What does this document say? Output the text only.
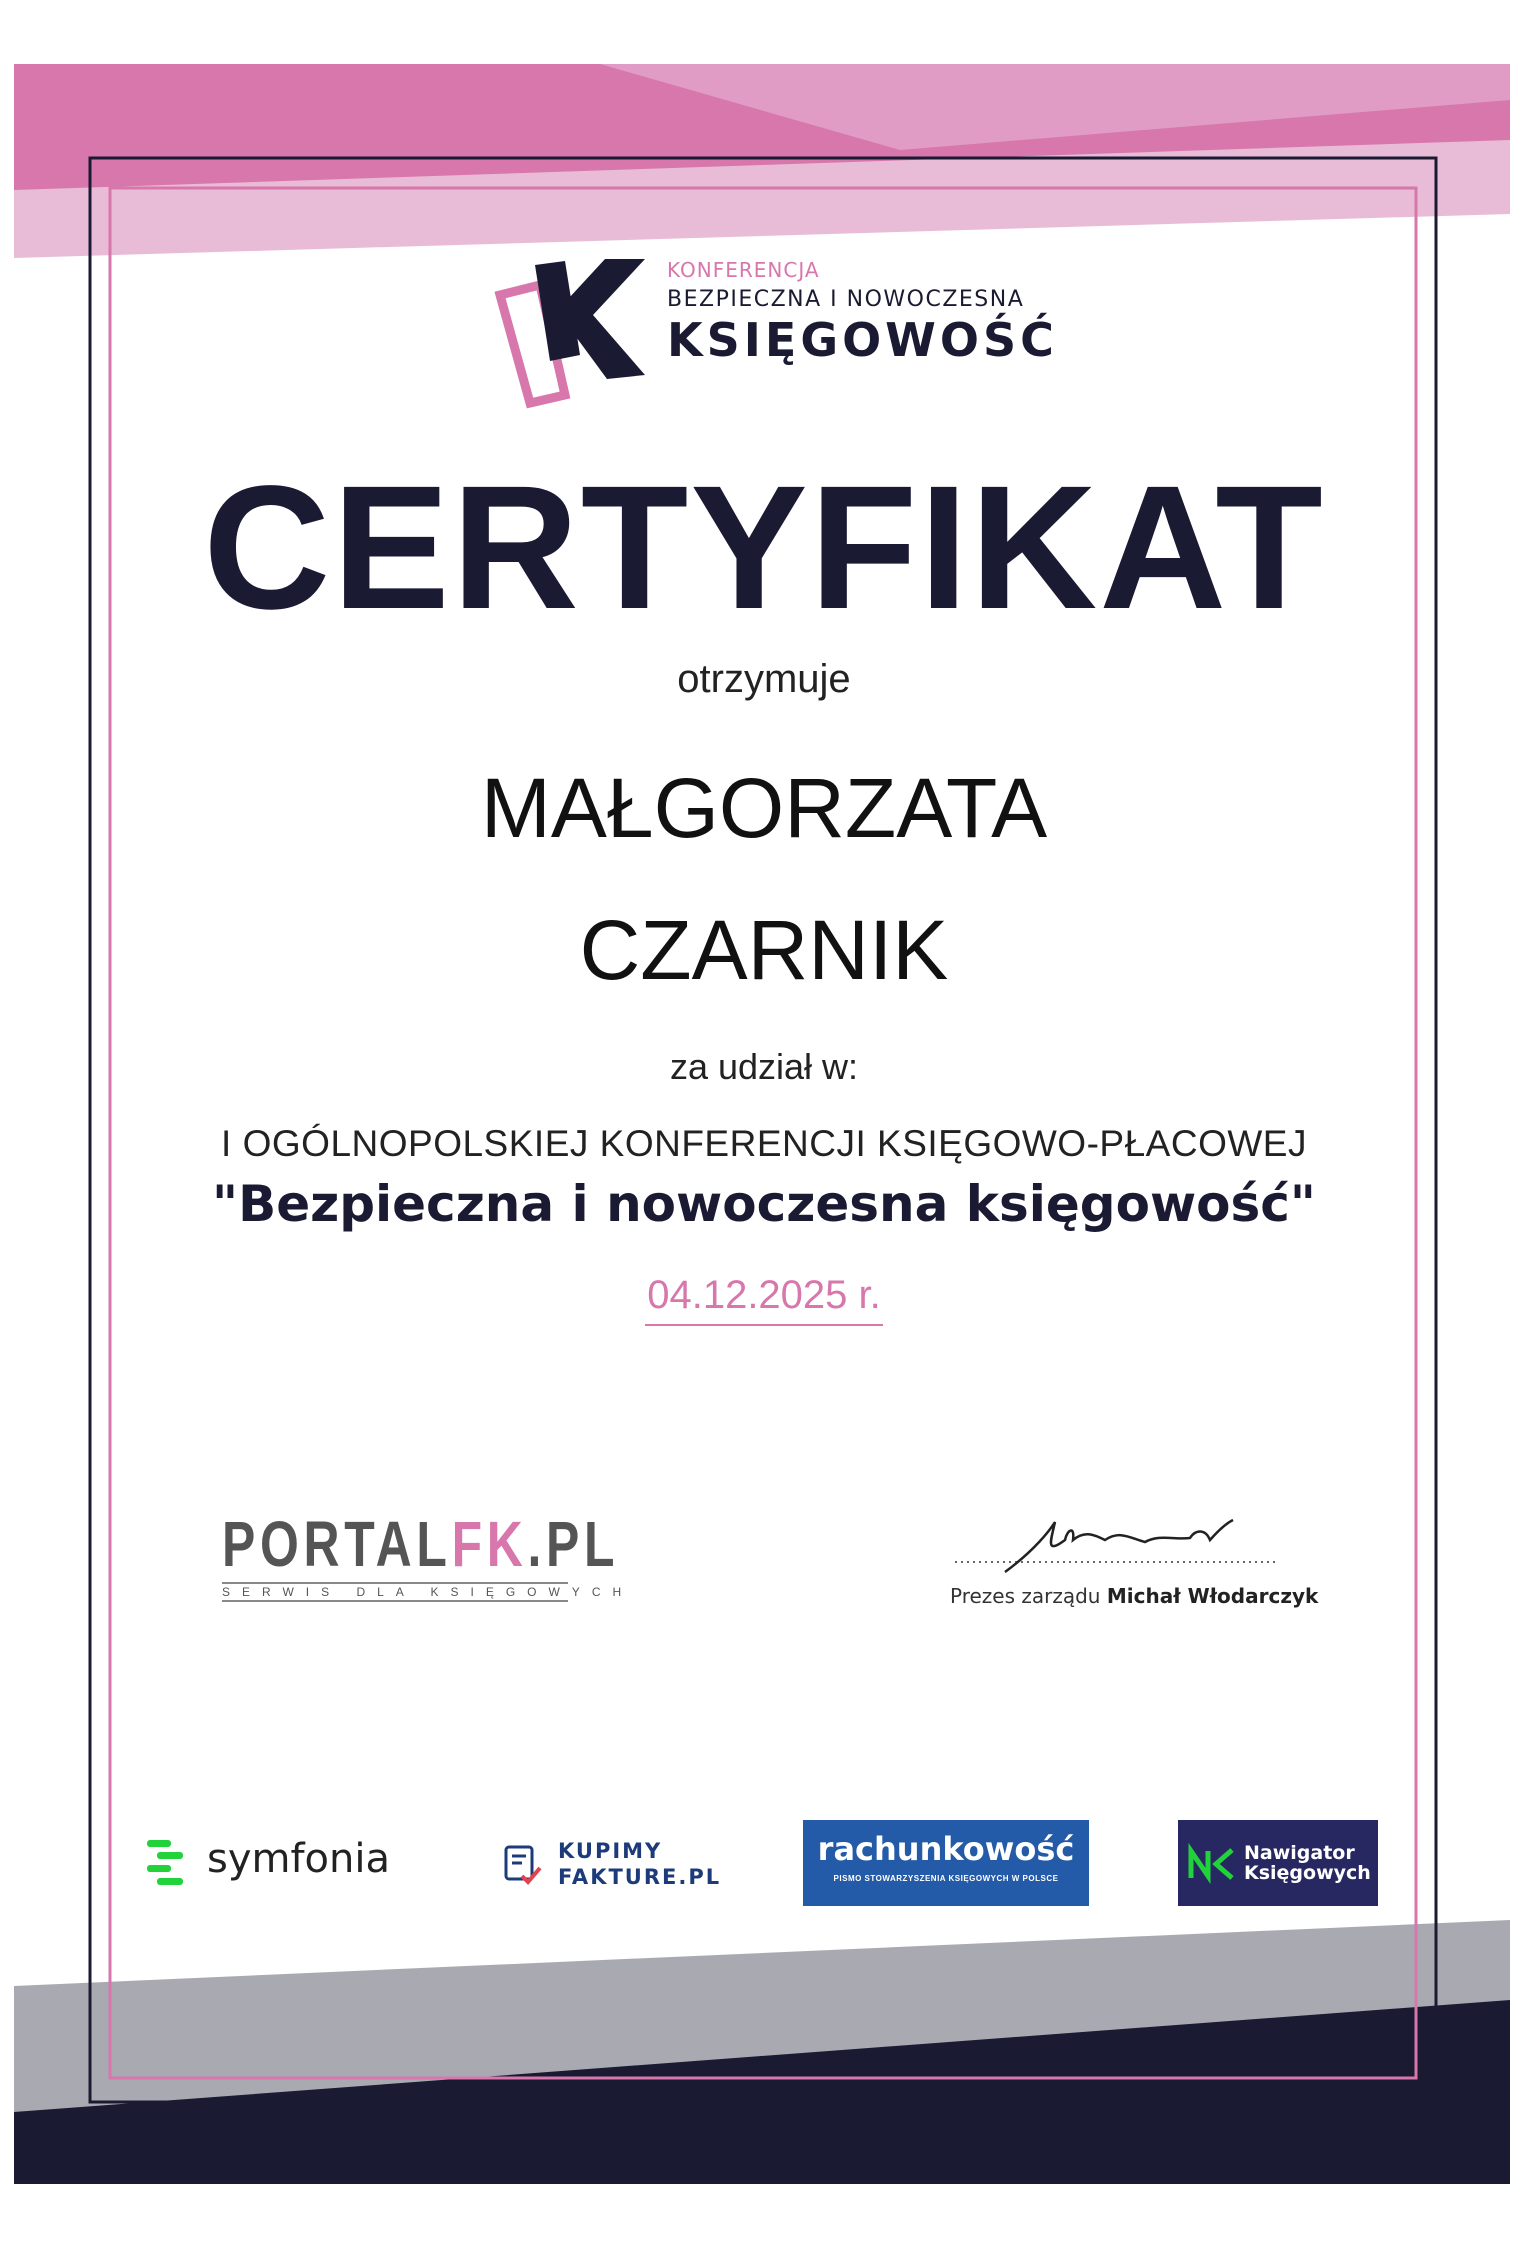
KONFERENCJA
BEZPIECZNA I NOWOCZESNA
KSIĘGOWOŚĆ
CERTYFIKAT
otrzymuje
MAŁGORZATA
CZARNIK
za udział w:
I OGÓLNOPOLSKIEJ KONFERENCJI KSIĘGOWO-PŁACOWEJ
"Bezpieczna i nowoczesna księgowość"
04.12.2025 r.
PORTALFK.PL
SERWIS DLA KSIĘGOWYCH	Prezes zarządu Michał Włodarczyk
symfonia	KUPIMY
FAKTURE.PL
rachunkowość
PISMO STOWARZYSZENIA KSIĘGOWYCH W POLSCE
Nawigator
Księgowych
